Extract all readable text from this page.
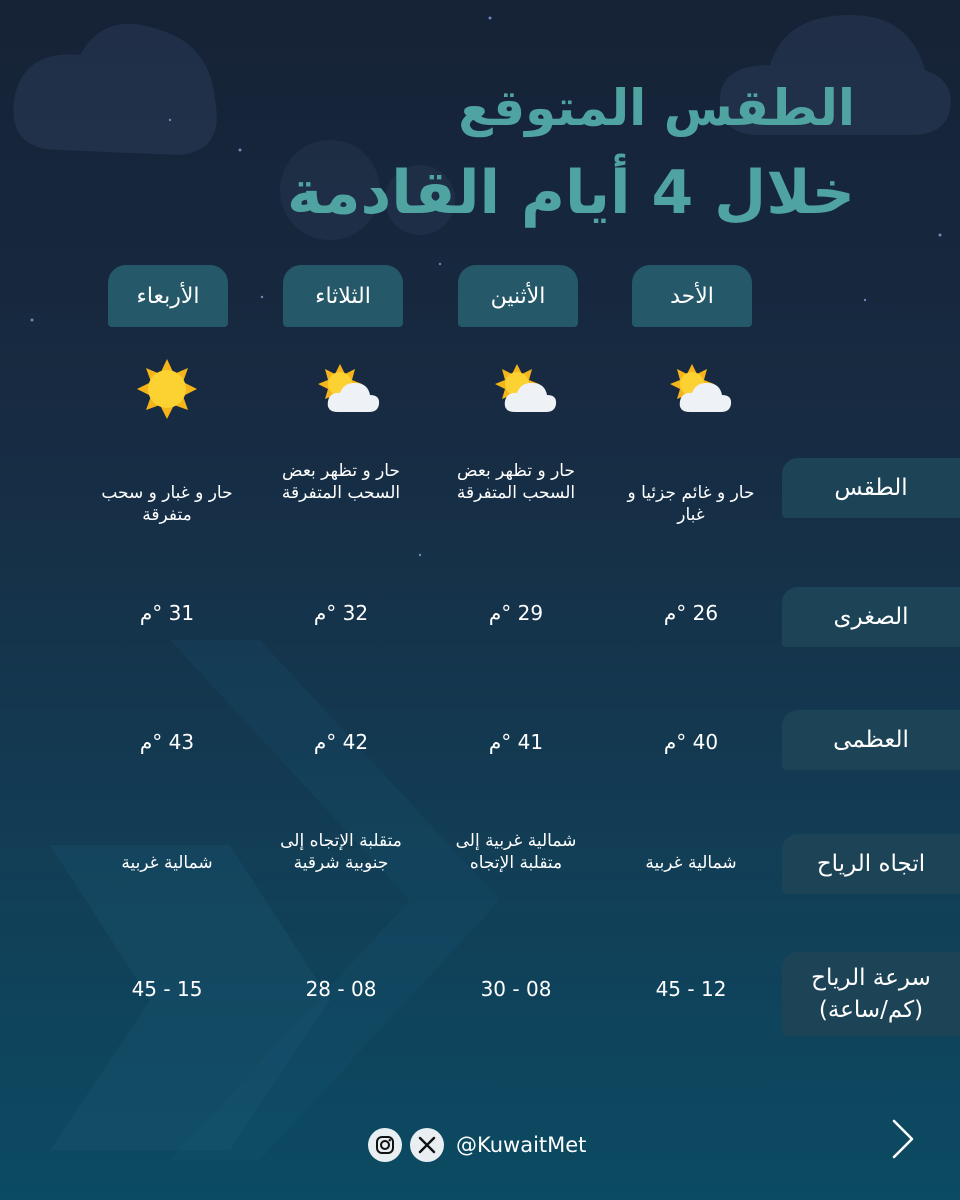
الطقس المتوقع
خلال 4 أيام القادمة
الأحد
الأثنين
الثلاثاء
الأربعاء
الطقس
الصغرى
العظمى
اتجاه الرياح
سرعة الرياح (كم/ساعة)
حار و غائم جزئيا و غبار
حار و تظهر بعض السحب المتفرقة
حار و تظهر بعض السحب المتفرقة
حار و غبار و سحب متفرقة
26 °م
29 °م
32 °م
31 °م
40 °م
41 °م
42 °م
43 °م
شمالية غربية
شمالية غربية إلى متقلبة الإتجاه
متقلبة الإتجاه إلى جنوبية شرقية
شمالية غربية
12 - 45
08 - 30
08 - 28
15 - 45
@KuwaitMet
